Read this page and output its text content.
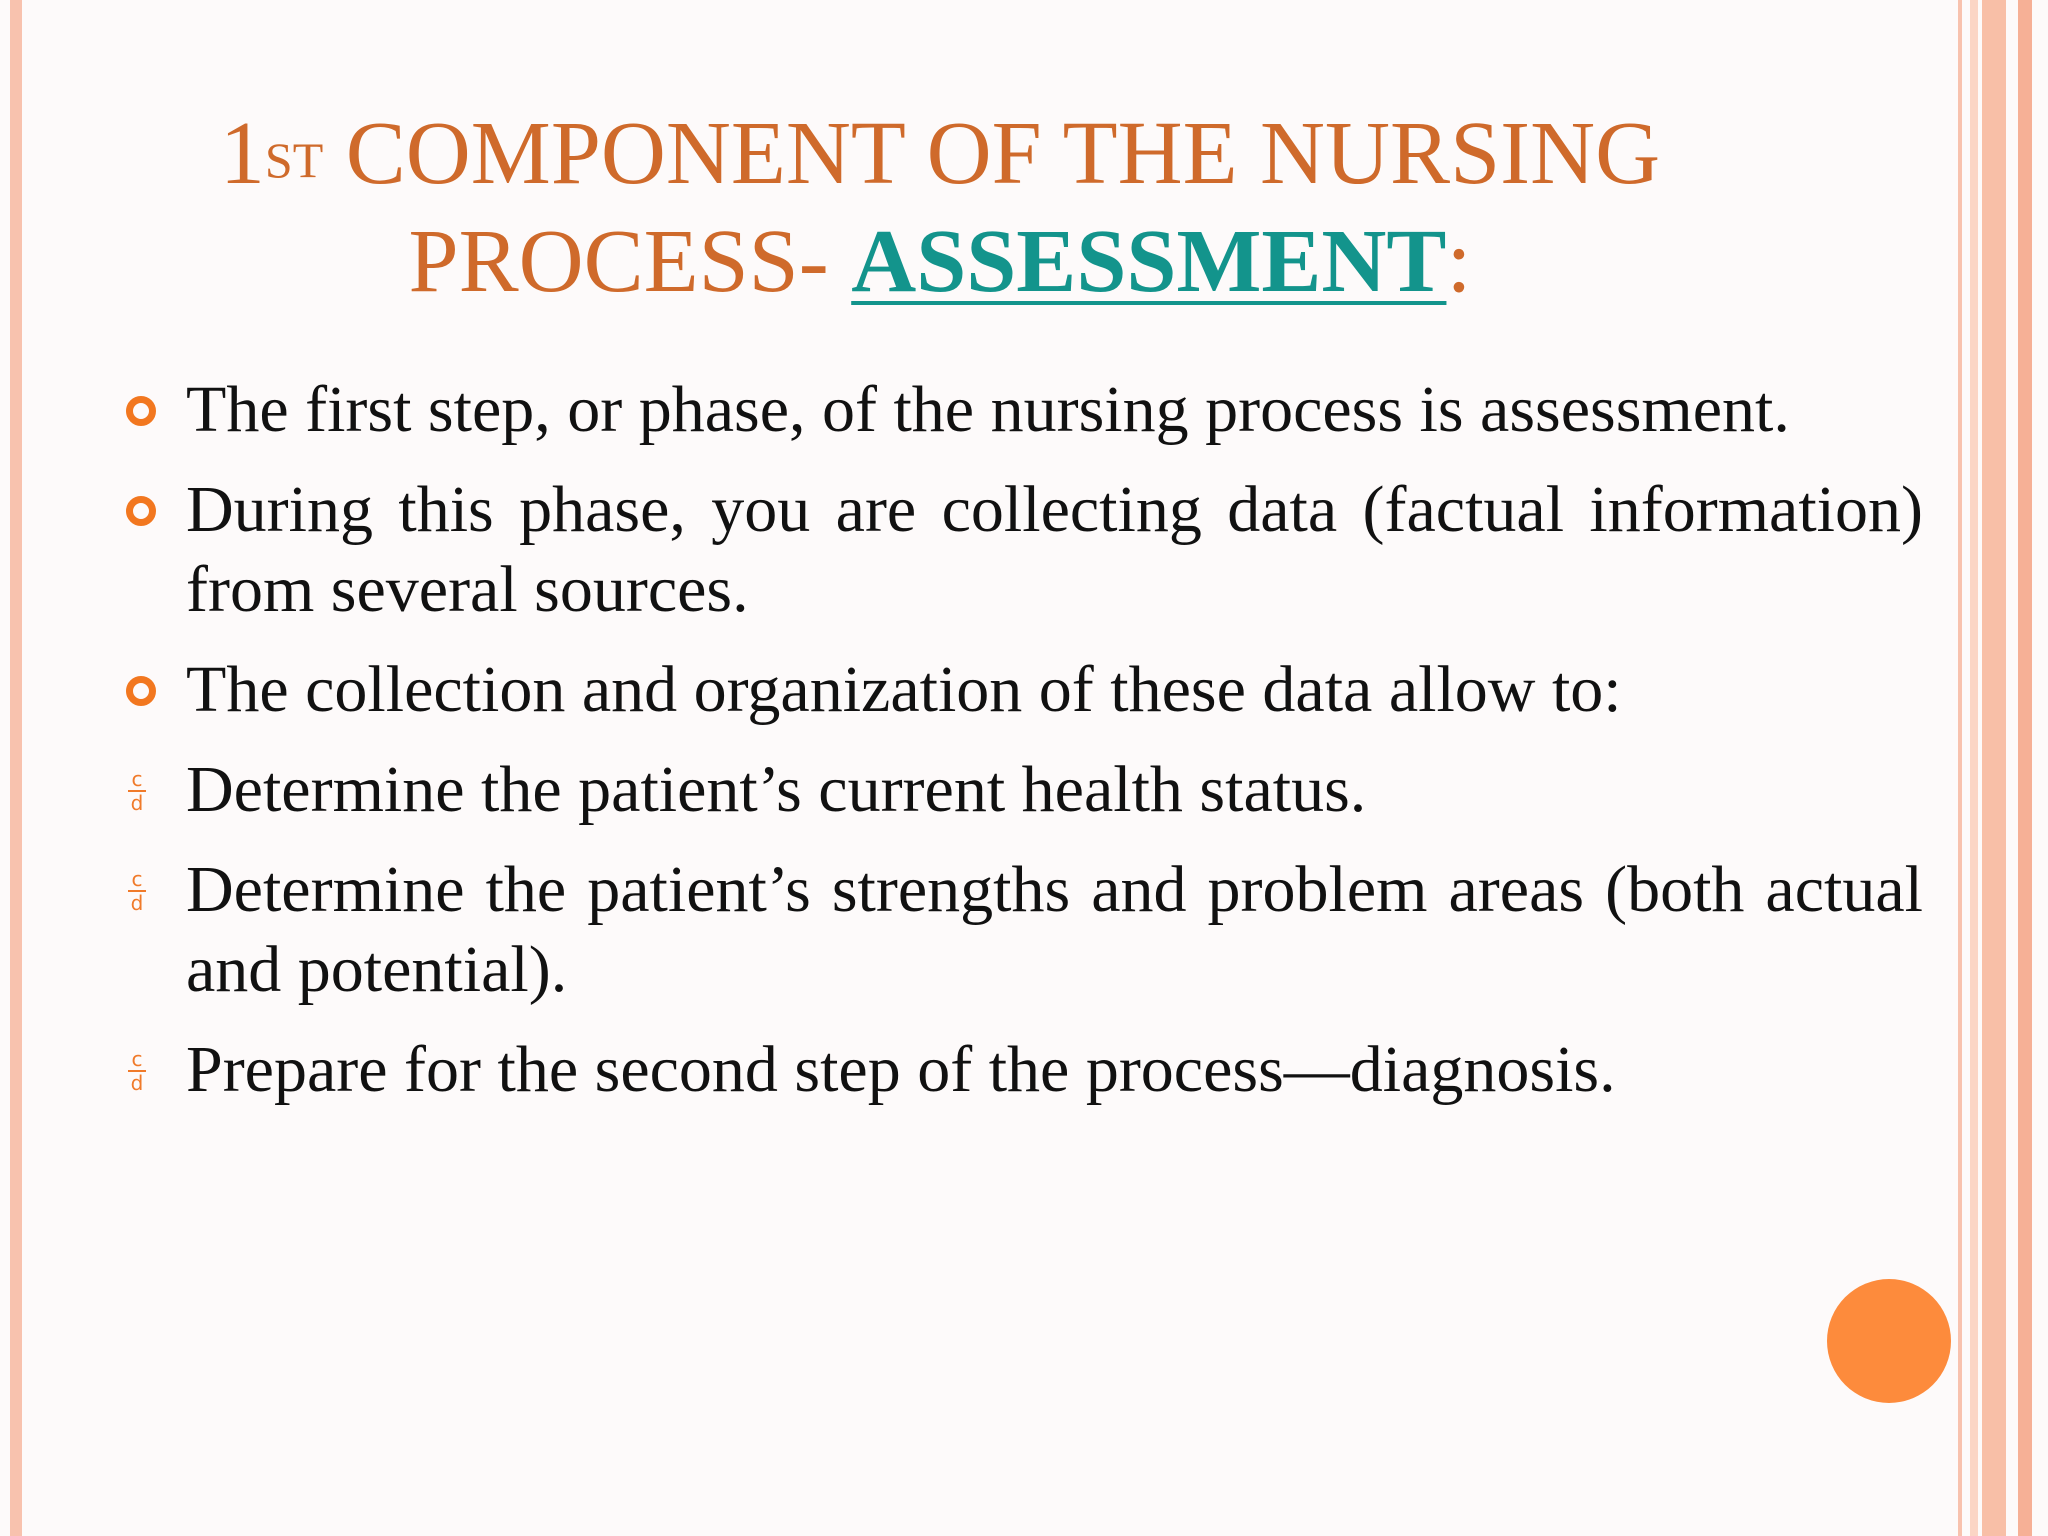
1ST COMPONENT OF THE NURSING
PROCESS- ASSESSMENT:
The first step, or phase, of the nursing process is assessment.
During this phase, you are collecting data (factual information) from several sources.
The collection and organization of these data allow to:
c
d Determine the patient’s current health status.
c
d Determine the patient’s strengths and problem areas (both actual and potential).
c
d Prepare for the second step of the process—diagnosis.
